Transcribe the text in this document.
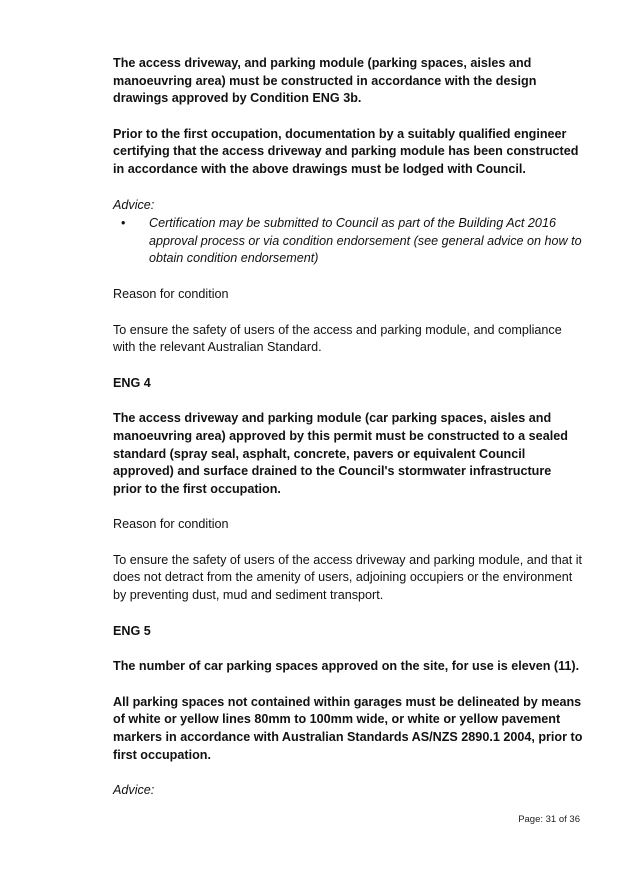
The access driveway, and parking module (parking spaces, aisles and manoeuvring area) must be constructed in accordance with the design drawings approved by Condition ENG 3b.

Prior to the first occupation, documentation by a suitably qualified engineer certifying that the access driveway and parking module has been constructed in accordance with the above drawings must be lodged with Council.

Advice:

• Certification may be submitted to Council as part of the Building Act 2016 approval process or via condition endorsement (see general advice on how to obtain condition endorsement)

Reason for condition

To ensure the safety of users of the access and parking module, and compliance with the relevant Australian Standard.

ENG 4

The access driveway and parking module (car parking spaces, aisles and manoeuvring area) approved by this permit must be constructed to a sealed standard (spray seal, asphalt, concrete, pavers or equivalent Council approved) and surface drained to the Council's stormwater infrastructure prior to the first occupation.

Reason for condition

To ensure the safety of users of the access driveway and parking module, and that it does not detract from the amenity of users, adjoining occupiers or the environment by preventing dust, mud and sediment transport.

ENG 5

The number of car parking spaces approved on the site, for use is eleven (11).

All parking spaces not contained within garages must be delineated by means of white or yellow lines 80mm to 100mm wide, or white or yellow pavement markers in accordance with Australian Standards AS/NZS 2890.1 2004, prior to first occupation.

Advice:

Page: 31 of 36
